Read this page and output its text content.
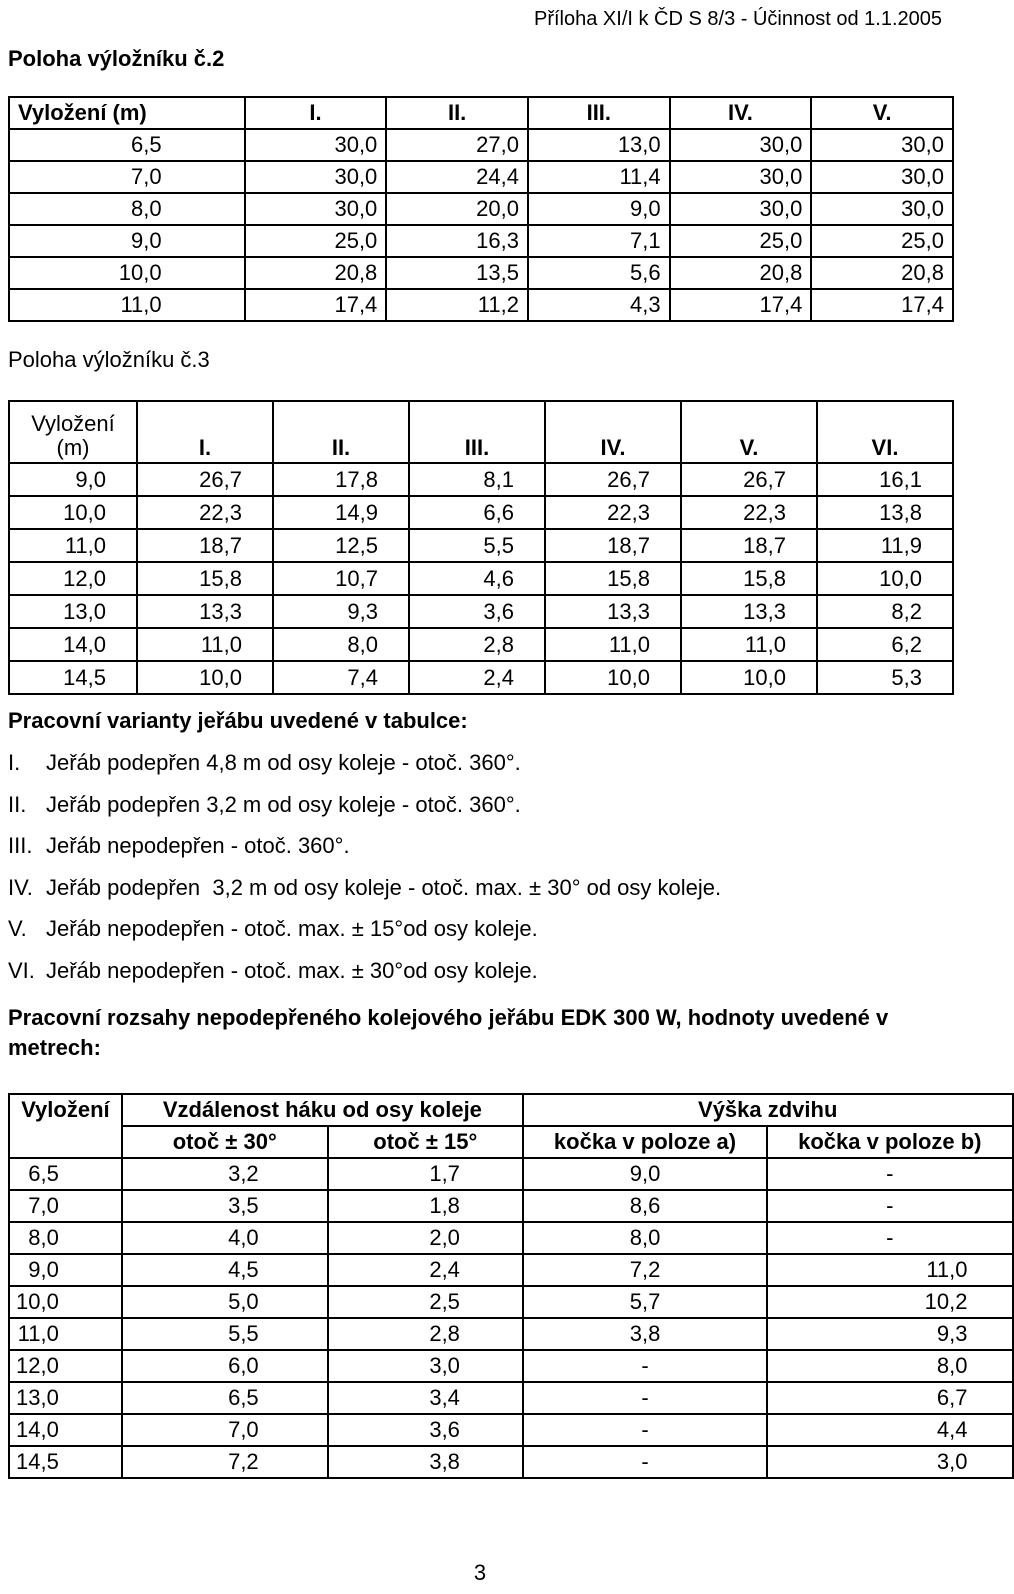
Příloha XI/I k ČD S 8/3 - Účinnost od 1.1.2005
Poloha výložníku č.2
Vyložení (m)	I.	II.	III.	IV.	V.
6,5	30,0	27,0	13,0	30,0	30,0
7,0	30,0	24,4	11,4	30,0	30,0
8,0	30,0	20,0	9,0	30,0	30,0
9,0	25,0	16,3	7,1	25,0	25,0
10,0	20,8	13,5	5,6	20,8	20,8
11,0	17,4	11,2	4,3	17,4	17,4
Poloha výložníku č.3
Vyložení (m)	I.	II.	III.	IV.	V.	VI.
9,0	26,7	17,8	8,1	26,7	26,7	16,1
10,0	22,3	14,9	6,6	22,3	22,3	13,8
11,0	18,7	12,5	5,5	18,7	18,7	11,9
12,0	15,8	10,7	4,6	15,8	15,8	10,0
13,0	13,3	9,3	3,6	13,3	13,3	8,2
14,0	11,0	8,0	2,8	11,0	11,0	6,2
14,5	10,0	7,4	2,4	10,0	10,0	5,3
Pracovní varianty jeřábu uvedené v tabulce:
I. Jeřáb podepřen 4,8 m od osy koleje - otoč. 360°.
II. Jeřáb podepřen 3,2 m od osy koleje - otoč. 360°.
III. Jeřáb nepodepřen - otoč. 360°.
IV. Jeřáb podepřen  3,2 m od osy koleje - otoč. max. ± 30° od osy koleje.
V. Jeřáb nepodepřen - otoč. max. ± 15°od osy koleje.
VI. Jeřáb nepodepřen - otoč. max. ± 30°od osy koleje.
Pracovní rozsahy nepodepřeného kolejového jeřábu EDK 300 W, hodnoty uvedené v metrech:
Vyložení	Vzdálenost háku od osy koleje		Výška zdvihu	
	otoč ± 30°	otoč ± 15°	kočka v poloze a)	kočka v poloze b)
6,5	3,2	1,7	9,0	-
7,0	3,5	1,8	8,6	-
8,0	4,0	2,0	8,0	-
9,0	4,5	2,4	7,2	11,0
10,0	5,0	2,5	5,7	10,2
11,0	5,5	2,8	3,8	9,3
12,0	6,0	3,0	-	8,0
13,0	6,5	3,4	-	6,7
14,0	7,0	3,6	-	4,4
14,5	7,2	3,8	-	3,0
3
